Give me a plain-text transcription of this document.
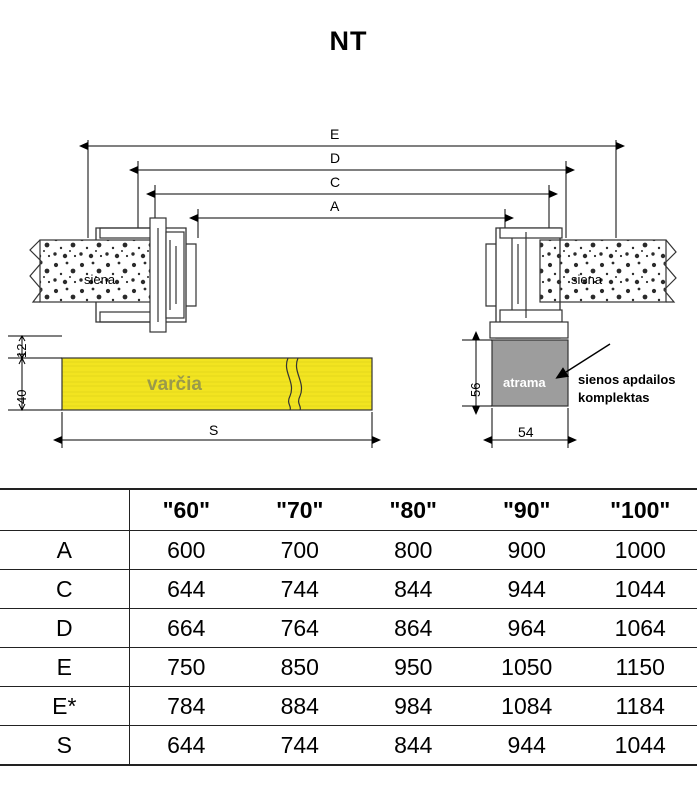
NT
E
D
C
A
S	54
12
40	56
siena	siena
varčia	atrama sienos apdailos
komplektas
	"60"	"70"	"80"	"90"	"100"
A	600	700	800	900	1000
C	644	744	844	944	1044
D	664	764	864	964	1064
E	750	850	950	1050	1150
E*	784	884	984	1084	1184
S	644	744	844	944	1044
